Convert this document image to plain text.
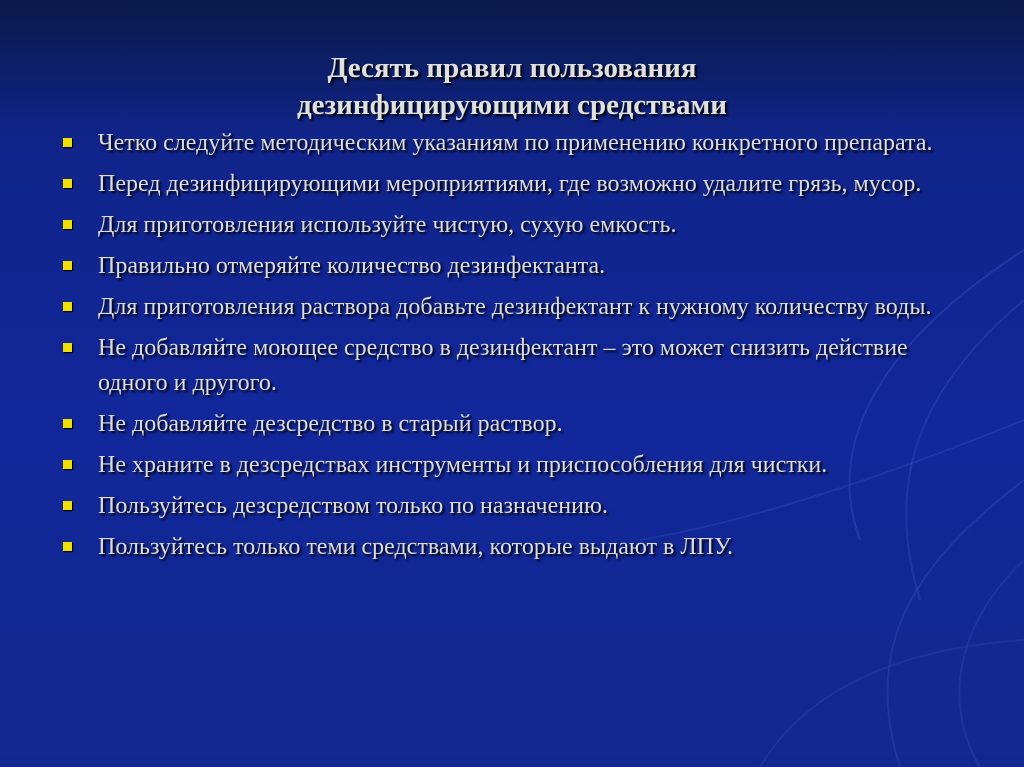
Десять правил пользования
дезинфицирующими средствами
Четко следуйте методическим указаниям по применению конкретного препарата.
Перед дезинфицирующими мероприятиями, где возможно удалите грязь, мусор.
Для приготовления используйте чистую, сухую емкость.
Правильно отмеряйте количество дезинфектанта.
Для приготовления раствора добавьте дезинфектант к нужному количеству воды.
Не добавляйте моющее средство в дезинфектант – это может снизить действие одного и другого.
Не добавляйте дезсредство в старый раствор.
Не храните в дезсредствах инструменты и приспособления для чистки.
Пользуйтесь дезсредством только по назначению.
Пользуйтесь только теми средствами, которые выдают в ЛПУ.
